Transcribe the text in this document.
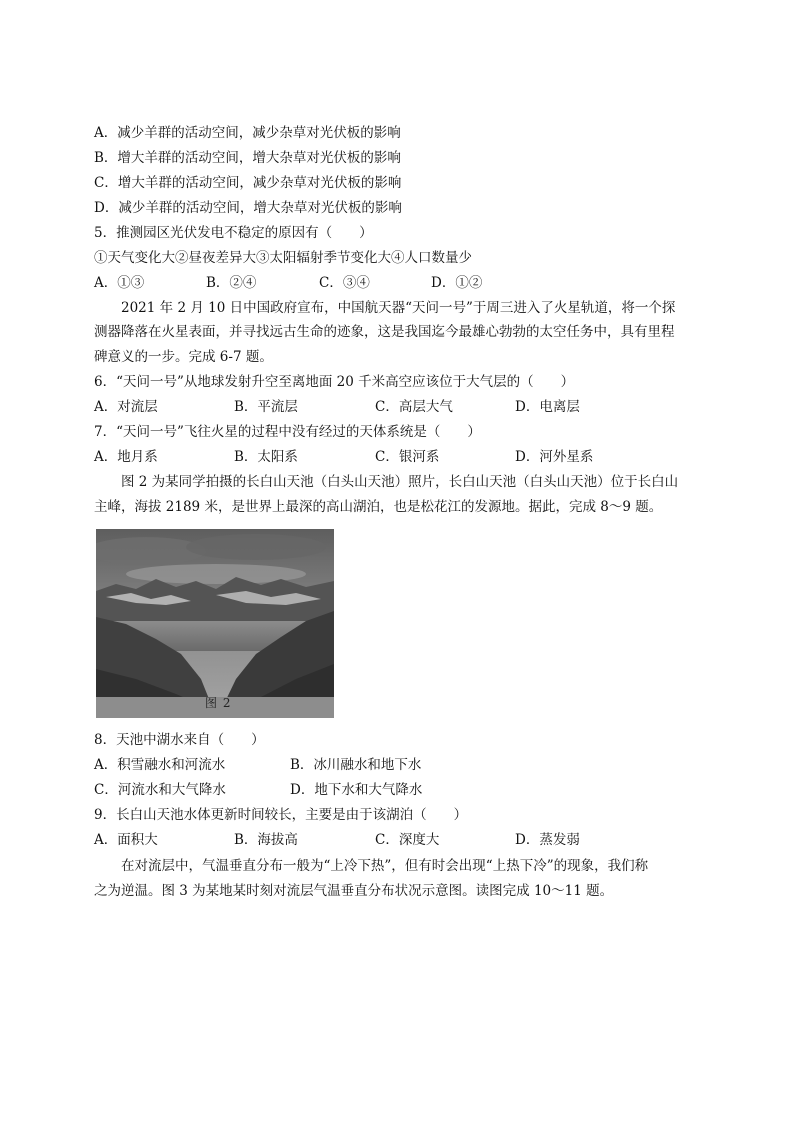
A．减少羊群的活动空间，减少杂草对光伏板的影响
B．增大羊群的活动空间，增大杂草对光伏板的影响
C．增大羊群的活动空间，减少杂草对光伏板的影响
D．减少羊群的活动空间，增大杂草对光伏板的影响
5．推测园区光伏发电不稳定的原因有（　　）
①天气变化大②昼夜差异大③太阳辐射季节变化大④人口数量少
A．①③	B．②④	C．③④	D．①②
2021 年 2 月 10 日中国政府宣布，中国航天器“天问一号”于周三进入了火星轨道，将一个探
测器降落在火星表面，并寻找远古生命的迹象，这是我国迄今最雄心勃勃的太空任务中，具有里程
碑意义的一步。完成 6-7 题。
6．“天问一号”从地球发射升空至离地面 20 千米高空应该位于大气层的（　　）
A．对流层	B．平流层	C．高层大气	D．电离层
7．“天问一号”飞往火星的过程中没有经过的天体系统是（　　）
A．地月系	B．太阳系	C．银河系	D．河外星系
图 2 为某同学拍摄的长白山天池（白头山天池）照片，长白山天池（白头山天池）位于长白山
主峰，海拔 2189 米，是世界上最深的高山湖泊，也是松花江的发源地。据此，完成 8～9 题。
图 2
8．天池中湖水来自（　　）
A．积雪融水和河流水	B．冰川融水和地下水
C．河流水和大气降水	D．地下水和大气降水
9．长白山天池水体更新时间较长，主要是由于该湖泊（　　）
A．面积大	B．海拔高	C．深度大	D．蒸发弱
在对流层中，气温垂直分布一般为“上冷下热”，但有时会出现“上热下冷”的现象，我们称
之为逆温。图 3 为某地某时刻对流层气温垂直分布状况示意图。读图完成 10～11 题。
